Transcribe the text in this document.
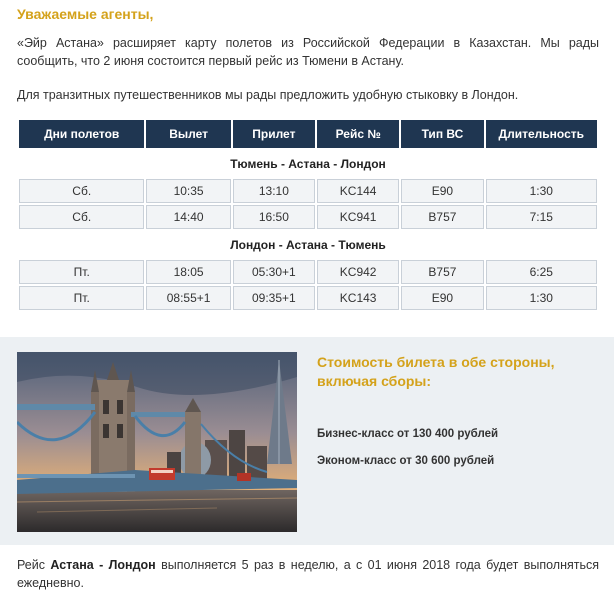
Уважаемые агенты,
«Эйр Астана» расширяет карту полетов из Российской Федерации в Казахстан. Мы рады сообщить, что 2 июня состоится первый рейс из Тюмени в Астану.
Для транзитных путешественников мы рады предложить удобную стыковку в Лондон.
Дни полетов	Вылет	Прилет	Рейс №	Тип ВС	Длительность
Тюмень - Астана - Лондон					
Сб.	10:35	13:10	KC144	E90	1:30
Сб.	14:40	16:50	KC941	B757	7:15
Лондон - Астана - Тюмень					
Пт.	18:05	05:30+1	KC942	B757	6:25
Пт.	08:55+1	09:35+1	KC143	E90	1:30
Стоимость билета в обе стороны, включая сборы:
Бизнес-класс от 130 400 рублей
Эконом-класс от 30 600 рублей
Рейс Астана - Лондон выполняется 5 раз в неделю, а с 01 июня 2018 года будет выполняться ежедневно.
